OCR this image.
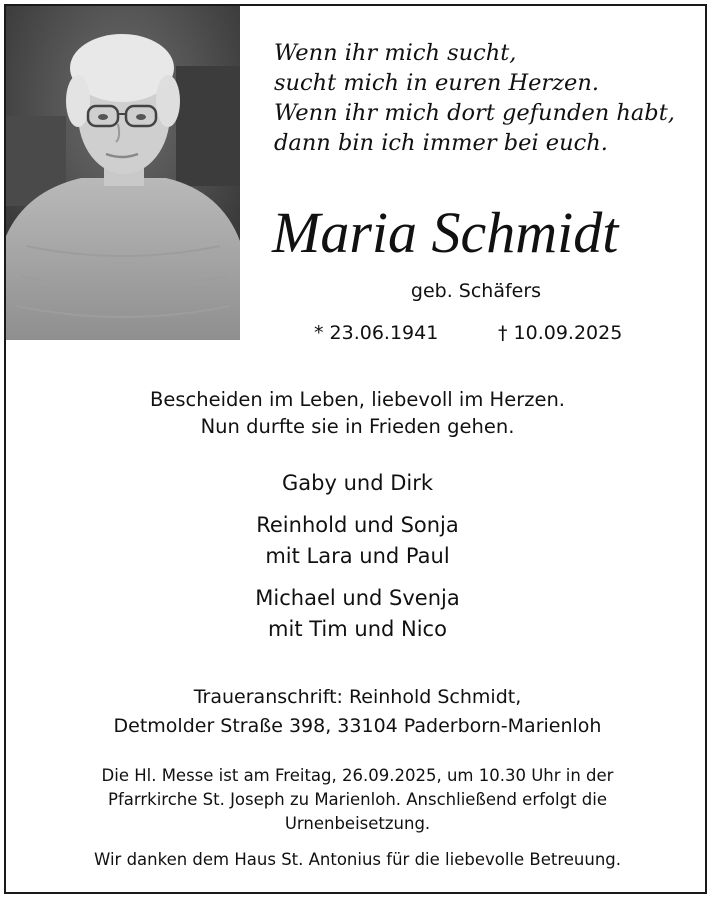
Wenn ihr mich sucht,
sucht mich in euren Herzen.
Wenn ihr mich dort gefunden habt,
dann bin ich immer bei euch.
Maria Schmidt
geb. Schäfers
* 23.06.1941	† 10.09.2025
Bescheiden im Leben, liebevoll im Herzen.
Nun durfte sie in Frieden gehen.
Gaby und Dirk
Reinhold und Sonja
mit Lara und Paul
Michael und Svenja
mit Tim und Nico
Traueranschrift: Reinhold Schmidt,
Detmolder Straße 398, 33104 Paderborn-Marienloh
Die Hl. Messe ist am Freitag, 26.09.2025, um 10.30 Uhr in der
Pfarrkirche St. Joseph zu Marienloh. Anschließend erfolgt die
Urnenbeisetzung.
Wir danken dem Haus St. Antonius für die liebevolle Betreuung.
